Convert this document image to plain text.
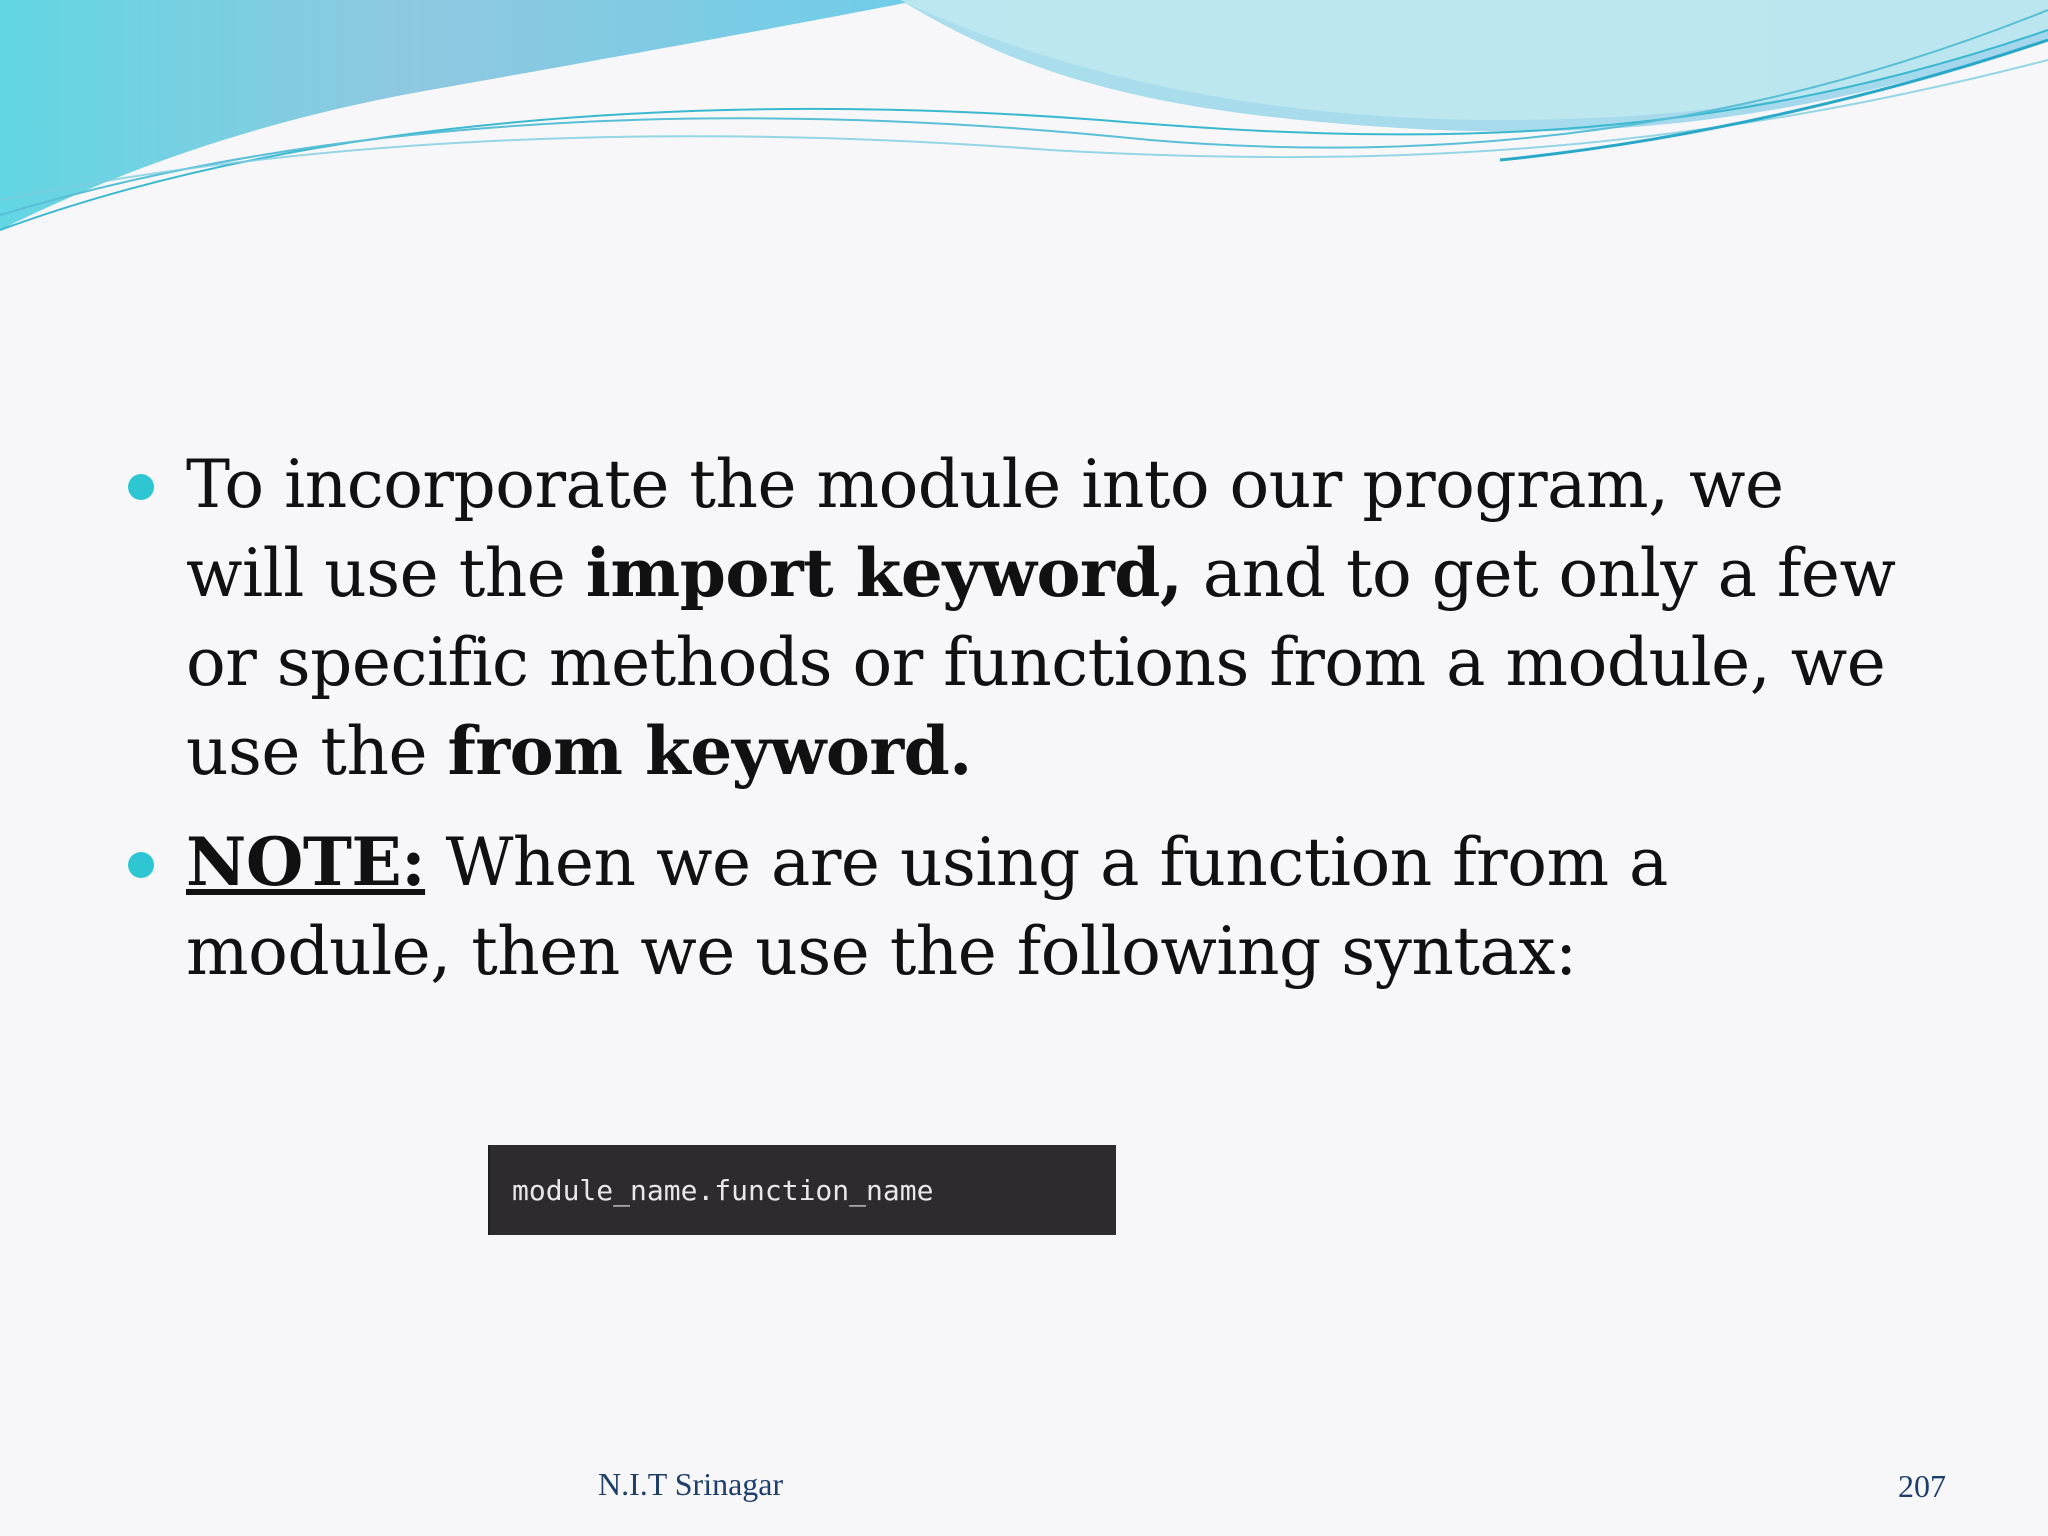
To incorporate the module into our program, we will use the import keyword, and to get only a few or specific methods or functions from a module, we use the from keyword.
NOTE: When we are using a function from a module, then we use the following syntax:
module_name.function_name
N.I.T Srinagar	207
